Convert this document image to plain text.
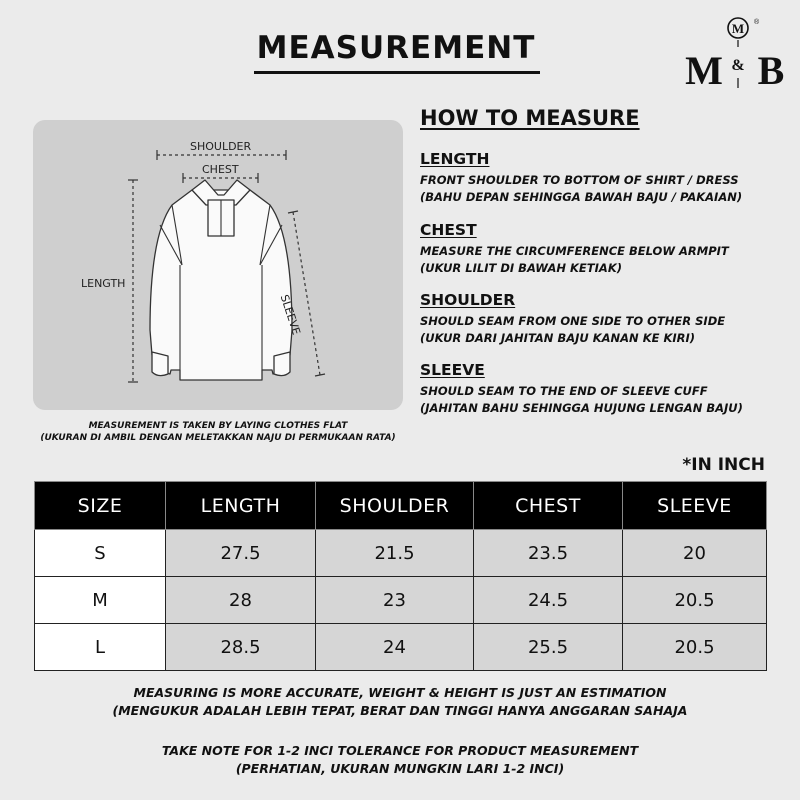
MEASUREMENT
M ®
M & B
SHOULDER
CHEST
LENGTH
SLEEVE
MEASUREMENT IS TAKEN BY LAYING CLOTHES FLAT
(UKURAN DI AMBIL DENGAN MELETAKKAN NAJU DI PERMUKAAN RATA)
HOW TO MEASURE
LENGTH
FRONT SHOULDER TO BOTTOM OF SHIRT / DRESS
(BAHU DEPAN SEHINGGA BAWAH BAJU / PAKAIAN)
CHEST
MEASURE THE CIRCUMFERENCE BELOW ARMPIT
(UKUR LILIT DI BAWAH KETIAK)
SHOULDER
SHOULD SEAM FROM ONE SIDE TO OTHER SIDE
(UKUR DARI JAHITAN BAJU KANAN KE KIRI)
SLEEVE
SHOULD SEAM TO THE END OF SLEEVE CUFF
(JAHITAN BAHU SEHINGGA HUJUNG LENGAN BAJU)
*IN INCH
SIZE	LENGTH	SHOULDER	CHEST	SLEEVE
S	27.5	21.5	23.5	20
M	28	23	24.5	20.5
L	28.5	24	25.5	20.5
MEASURING IS MORE ACCURATE, WEIGHT & HEIGHT IS JUST AN ESTIMATION
(MENGUKUR ADALAH LEBIH TEPAT, BERAT DAN TINGGI HANYA ANGGARAN SAHAJA
TAKE NOTE FOR 1-2 INCI TOLERANCE FOR PRODUCT MEASUREMENT
(PERHATIAN, UKURAN MUNGKIN LARI 1-2 INCI)
